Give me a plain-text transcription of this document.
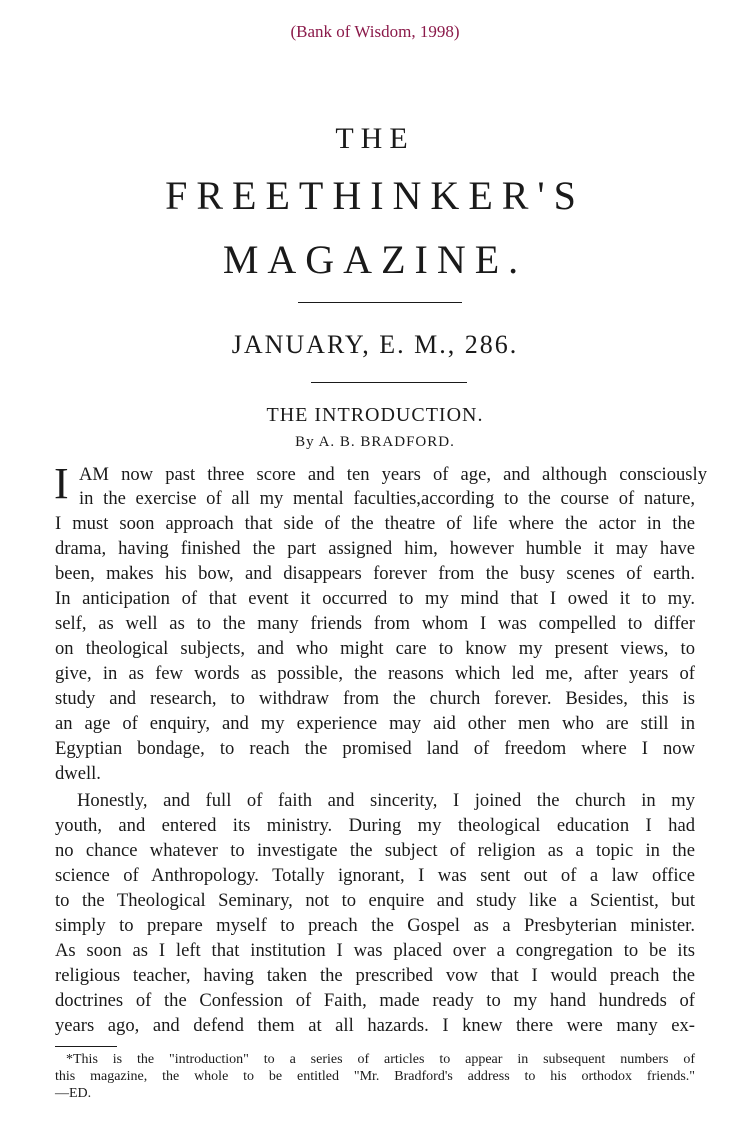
(Bank of Wisdom, 1998)
THE
FREETHINKER'S
MAGAZINE.
JANUARY, E. M., 286.
THE INTRODUCTION.
By A. B. BRADFORD.
I AM now past three score and ten years of age, and although consciously
in the exercise of all my mental faculties,according to the course of nature,
I must soon approach that side of the theatre of life where the actor in the
drama, having finished the part assigned him, however humble it may have
been, makes his bow, and disappears forever from the busy scenes of earth.
In anticipation of that event it occurred to my mind that I owed it to my.
self, as well as to the many friends from whom I was compelled to differ
on theological subjects, and who might care to know my present views, to
give, in as few words as possible, the reasons which led me, after years of
study and research, to withdraw from the church forever. Besides, this is
an age of enquiry, and my experience may aid other men who are still in
Egyptian bondage, to reach the promised land of freedom where I now
dwell.
Honestly, and full of faith and sincerity, I joined the church in my
youth, and entered its ministry. During my theological education I had
no chance whatever to investigate the subject of religion as a topic in the
science of Anthropology. Totally ignorant, I was sent out of a law office
to the Theological Seminary, not to enquire and study like a Scientist, but
simply to prepare myself to preach the Gospel as a Presbyterian minister.
As soon as I left that institution I was placed over a congregation to be its
religious teacher, having taken the prescribed vow that I would preach the
doctrines of the Confession of Faith, made ready to my hand hundreds of
years ago, and defend them at all hazards. I knew there were many ex-
*This is the "introduction" to a series of articles to appear in subsequent numbers of
this magazine, the whole to be entitled "Mr. Bradford's address to his orthodox friends."
—ED.
